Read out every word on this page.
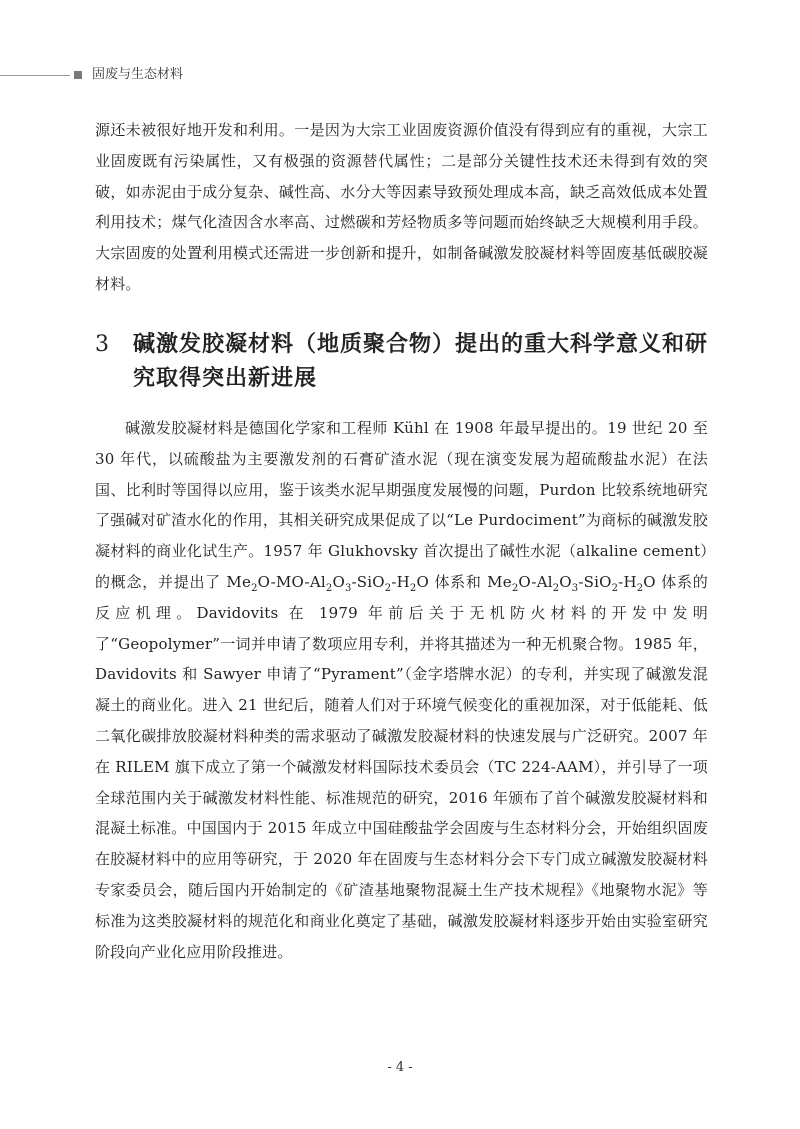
固废与生态材料

源还未被很好地开发和利用。一是因为大宗工业固废资源价值没有得到应有的重视，大宗工业固废既有污染属性，又有极强的资源替代属性；二是部分关键性技术还未得到有效的突破，如赤泥由于成分复杂、碱性高、水分大等因素导致预处理成本高，缺乏高效低成本处置利用技术；煤气化渣因含水率高、过燃碳和芳烃物质多等问题而始终缺乏大规模利用手段。大宗固废的处置利用模式还需进一步创新和提升，如制备碱激发胶凝材料等固废基低碳胶凝材料。

3 碱激发胶凝材料（地质聚合物）提出的重大科学意义和研究取得突出新进展

碱激发胶凝材料是德国化学家和工程师 Kühl 在 1908 年最早提出的。19 世纪 20 至 30 年代，以硫酸盐为主要激发剂的石膏矿渣水泥（现在演变发展为超硫酸盐水泥）在法国、比利时等国得以应用，鉴于该类水泥早期强度发展慢的问题，Purdon 比较系统地研究了强碱对矿渣水化的作用，其相关研究成果促成了以“Le Purdociment”为商标的碱激发胶凝材料的商业化试生产。1957 年 Glukhovsky 首次提出了碱性水泥（alkaline cement）的概念，并提出了 $Me_2O-MO-Al_2O_3-SiO_2-H_2O$ 体系和 $Me_2O-Al_2O_3-SiO_2-H_2O$ 体系的反应机理。Davidovits 在 1979 年前后关于无机防火材料的开发中发明了“Geopolymer”一词并申请了数项应用专利，并将其描述为一种无机聚合物。1985 年，Davidovits 和 Sawyer 申请了“Pyrament”（金字塔牌水泥）的专利，并实现了碱激发混凝土的商业化。进入 21 世纪后，随着人们对于环境气候变化的重视加深，对于低能耗、低二氧化碳排放胶凝材料种类的需求驱动了碱激发胶凝材料的快速发展与广泛研究。2007 年在 RILEM 旗下成立了第一个碱激发材料国际技术委员会（TC 224-AAM），并引导了一项全球范围内关于碱激发材料性能、标准规范的研究，2016 年颁布了首个碱激发胶凝材料和混凝土标准。中国国内于 2015 年成立中国硅酸盐学会固废与生态材料分会，开始组织固废在胶凝材料中的应用等研究，于 2020 年在固废与生态材料分会下专门成立碱激发胶凝材料专家委员会，随后国内开始制定的《矿渣基地聚物混凝土生产技术规程》《地聚物水泥》等标准为这类胶凝材料的规范化和商业化奠定了基础，碱激发胶凝材料逐步开始由实验室研究阶段向产业化应用阶段推进。

- 4 -
